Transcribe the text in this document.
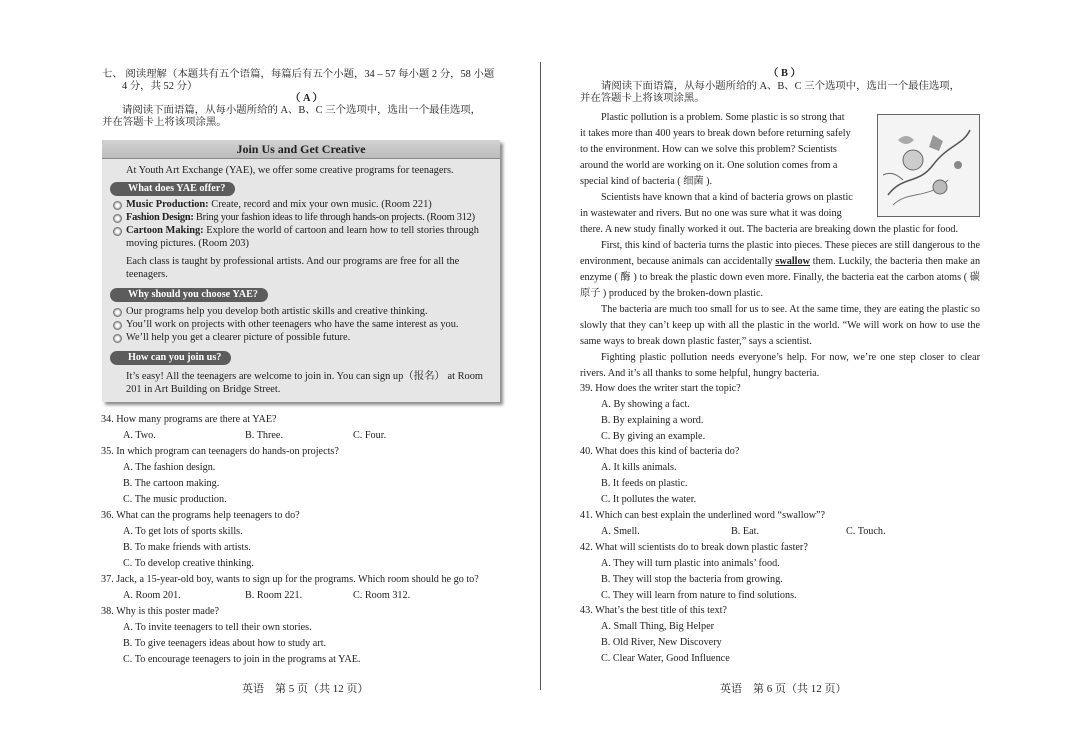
七、 阅读理解（本题共有五个语篇，每篇后有五个小题，34 – 57 每小题 2 分，58 小题
4 分，共 52 分）
（ A ）
请阅读下面语篇，从每小题所给的 A、B、C 三个选项中，选出一个最佳选项，
并在答题卡上将该项涂黑。
Join Us and Get Creative
At Youth Art Exchange (YAE), we offer some creative programs for teenagers.
What does YAE offer?
Music Production: Create, record and mix your own music. (Room 221)
Fashion Design: Bring your fashion ideas to life through hands-on projects. (Room 312)
Cartoon Making: Explore the world of cartoon and learn how to tell stories through
moving pictures. (Room 203)
Each class is taught by professional artists. And our programs are free for all the
teenagers.
Why should you choose YAE?
Our programs help you develop both artistic skills and creative thinking.
You’ll work on projects with other teenagers who have the same interest as you.
We’ll help you get a clearer picture of possible future.
How can you join us?
It’s easy! All the teenagers are welcome to join in. You can sign up（报名） at Room
201 in Art Building on Bridge Street.
34. How many programs are there at YAE?
A. Two.	B. Three.	C. Four.
35. In which program can teenagers do hands-on projects?
A. The fashion design.
B. The cartoon making.
C. The music production.
36. What can the programs help teenagers to do?
A. To get lots of sports skills.
B. To make friends with artists.
C. To develop creative thinking.
37. Jack, a 15-year-old boy, wants to sign up for the programs. Which room should he go to?
A. Room 201.	B. Room 221.	C. Room 312.
38. Why is this poster made?
A. To invite teenagers to tell their own stories.
B. To give teenagers ideas about how to study art.
C. To encourage teenagers to join in the programs at YAE.
英语　第 5 页（共 12 页）
（ B ）
请阅读下面语篇，从每小题所给的 A、B、C 三个选项中，选出一个最佳选项，
并在答题卡上将该项涂黑。
Plastic pollution is a problem. Some plastic is so strong that
it takes more than 400 years to break down before returning safely
to the environment. How can we solve this problem? Scientists
around the world are working on it. One solution comes from a
special kind of bacteria ( 细菌 ).
Scientists have known that a kind of bacteria grows on plastic
in wastewater and rivers. But no one was sure what it was doing
there. A new study finally worked it out. The bacteria are breaking down the plastic for food.
First, this kind of bacteria turns the plastic into pieces. These pieces are still dangerous to the environment, because animals can accidentally swallow them. Luckily, the bacteria then make an enzyme ( 酶 ) to break the plastic down even more. Finally, the bacteria eat the carbon atoms ( 碳原子 ) produced by the broken-down plastic.
The bacteria are much too small for us to see. At the same time, they are eating the plastic so slowly that they can’t keep up with all the plastic in the world. “We will work on how to use the same ways to break down plastic faster,” says a scientist.
Fighting plastic pollution needs everyone’s help. For now, we’re one step closer to clear rivers. And it’s all thanks to some helpful, hungry bacteria.
39. How does the writer start the topic?
A. By showing a fact.
B. By explaining a word.
C. By giving an example.
40. What does this kind of bacteria do?
A. It kills animals.
B. It feeds on plastic.
C. It pollutes the water.
41. Which can best explain the underlined word “swallow”?
A. Smell.	B. Eat.	C. Touch.
42. What will scientists do to break down plastic faster?
A. They will turn plastic into animals’ food.
B. They will stop the bacteria from growing.
C. They will learn from nature to find solutions.
43. What’s the best title of this text?
A. Small Thing, Big Helper
B. Old River, New Discovery
C. Clear Water, Good Influence
英语　第 6 页（共 12 页）
